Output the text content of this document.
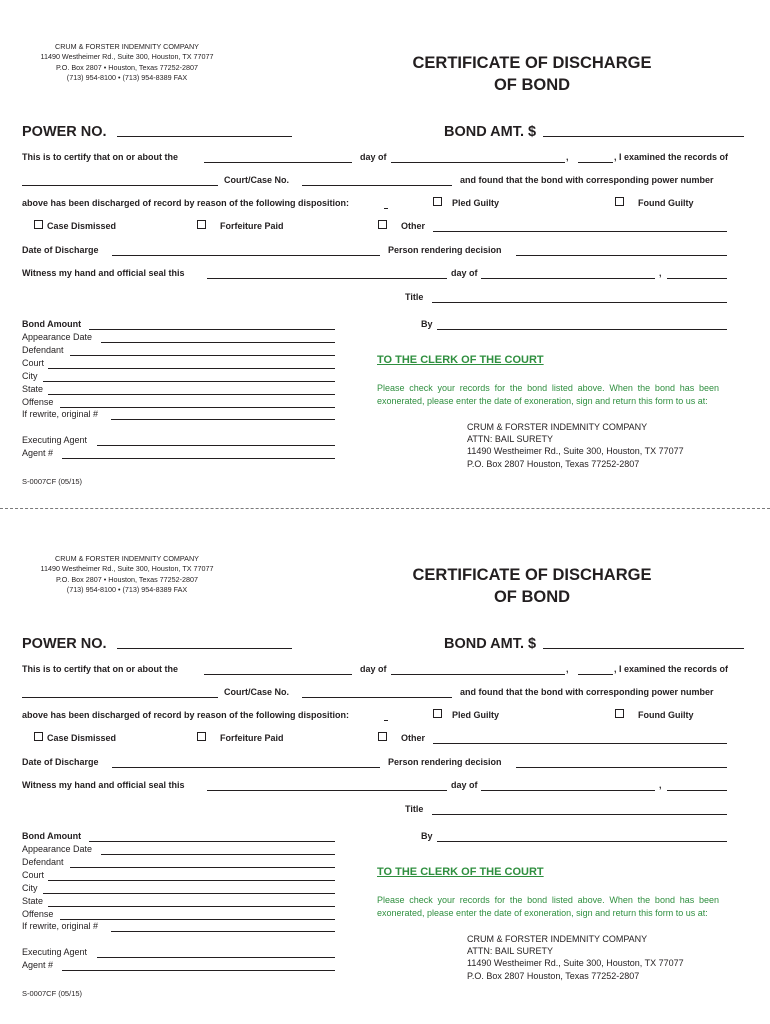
CRUM & FORSTER INDEMNITY COMPANY
11490 Westheimer Rd., Suite 300, Houston, TX 77077
P.O. Box 2807 • Houston, Texas 77252-2807
(713) 954-8100 • (713) 954-8389 FAX
CERTIFICATE OF DISCHARGE
OF BOND
POWER NO.	BOND AMT. $
This is to certify that on or about the	day of	,	, I examined the records of
Court/Case No.	and found that the bond with corresponding power number
above has been discharged of record by reason of the following disposition:	Pled Guilty	Found Guilty
Case Dismissed	Forfeiture Paid	Other
Date of Discharge	Person rendering decision
Witness my hand and official seal this	day of	,
Title
By
Bond Amount
Appearance Date
Defendant
Court
City
State
Offense
If rewrite, original #
Executing Agent
Agent #
TO THE CLERK OF THE COURT
Please check your records for the bond listed above. When the bond has been exonerated, please enter the date of exoneration, sign and return this form to us at:
CRUM & FORSTER INDEMNITY COMPANY
ATTN: BAIL SURETY
11490 Westheimer Rd., Suite 300, Houston, TX 77077
P.O. Box 2807 Houston, Texas 77252-2807
S-0007CF (05/15)
CRUM & FORSTER INDEMNITY COMPANY
11490 Westheimer Rd., Suite 300, Houston, TX 77077
P.O. Box 2807 • Houston, Texas 77252-2807
(713) 954-8100 • (713) 954-8389 FAX
CERTIFICATE OF DISCHARGE
OF BOND
POWER NO.	BOND AMT. $
This is to certify that on or about the	day of	,	, I examined the records of
Court/Case No.	and found that the bond with corresponding power number
above has been discharged of record by reason of the following disposition:	Pled Guilty	Found Guilty
Case Dismissed	Forfeiture Paid	Other
Date of Discharge	Person rendering decision
Witness my hand and official seal this	day of	,
Title
By
Bond Amount
Appearance Date
Defendant
Court
City
State
Offense
If rewrite, original #
Executing Agent
Agent #
TO THE CLERK OF THE COURT
Please check your records for the bond listed above. When the bond has been exonerated, please enter the date of exoneration, sign and return this form to us at:
CRUM & FORSTER INDEMNITY COMPANY
ATTN: BAIL SURETY
11490 Westheimer Rd., Suite 300, Houston, TX 77077
P.O. Box 2807 Houston, Texas 77252-2807
S-0007CF (05/15)
